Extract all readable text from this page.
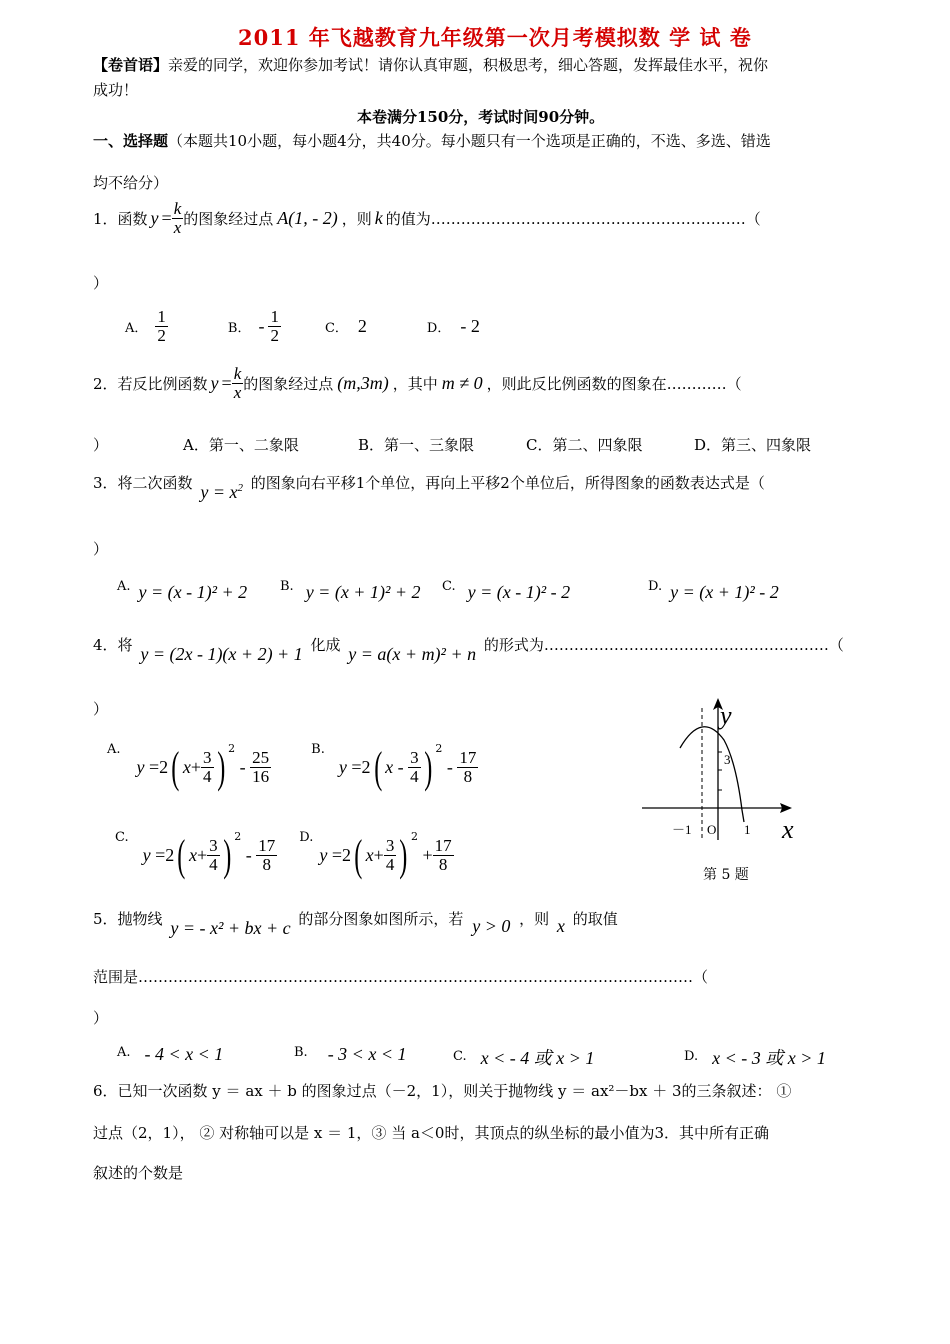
2011 年飞越教育九年级第一次月考模拟数 学 试 卷
【卷首语】亲爱的同学，欢迎你参加考试！请你认真审题，积极思考，细心答题，发挥最佳水平，祝你
成功！
本卷满分150分，考试时间90分钟。
一、选择题（本题共10小题，每小题4分，共40分。每小题只有一个选项是正确的，不选、多选、错选
均不给分）
1．函数 $y = \frac{k}{x}$ 的图象经过点 A(1, - 2) ，则 k 的值为 ………………………………………………………（
）
A． $\frac{1}{2}$	B． - $\frac{1}{2}$	C． 2	D． - 2
2．若反比例函数 $y = \frac{k}{x}$ 的图象经过点 (m,3m) ，其中 m ≠ 0 ，则此反比例函数的图象在…………（
）	A．第一、二象限	B．第一、三象限	C．第二、四象限	D．第三、四象限
3．将二次函数 $y = x^2$ 的图象向右平移1个单位，再向上平移2个单位后，所得图象的函数表达式是（
）
A. y = (x - 1)² + 2	B. y = (x + 1)² + 2 C. y = (x - 1)² - 2	D. y = (x + 1)² - 2
4．将 y = (2x - 1)(x + 2) + 1 化成 y = a(x + m)² + n 的形式为…………………………………………………（
）
A.
y =2 ( $x + \frac{3}{4}$ ) $^2$
- $\frac{25}{16}$	B.
y =2 ( x - $\frac{3}{4}$ ) $^2$
- $\frac{17}{8}$
C.
y =2 ( $x + \frac{3}{4}$ ) $^2$
- $\frac{17}{8} D$.
y =2 ( $x + \frac{3}{4}$ ) $^2$
+ $\frac{17}{8}$
y
x
3
－1 O 1
第 5 题
5．抛物线 y = - x² + bx + c 的部分图象如图所示，若 y > 0 ，则 x 的取值
范围是…………………………………………………………………………………………………（
）
A. - 4 < x < 1	B. - 3 < x < 1	C. x < - 4 或 x > 1	D. x < - 3 或 x > 1
6．已知一次函数 y ＝ ax ＋ b 的图象过点（－2，1），则关于抛物线 y ＝ ax²－bx ＋ 3的三条叙述： ①
过点（2，1）， ② 对称轴可以是 x ＝ 1，③ 当 a＜0时，其顶点的纵坐标的最小值为3．其中所有正确
叙述的个数是
